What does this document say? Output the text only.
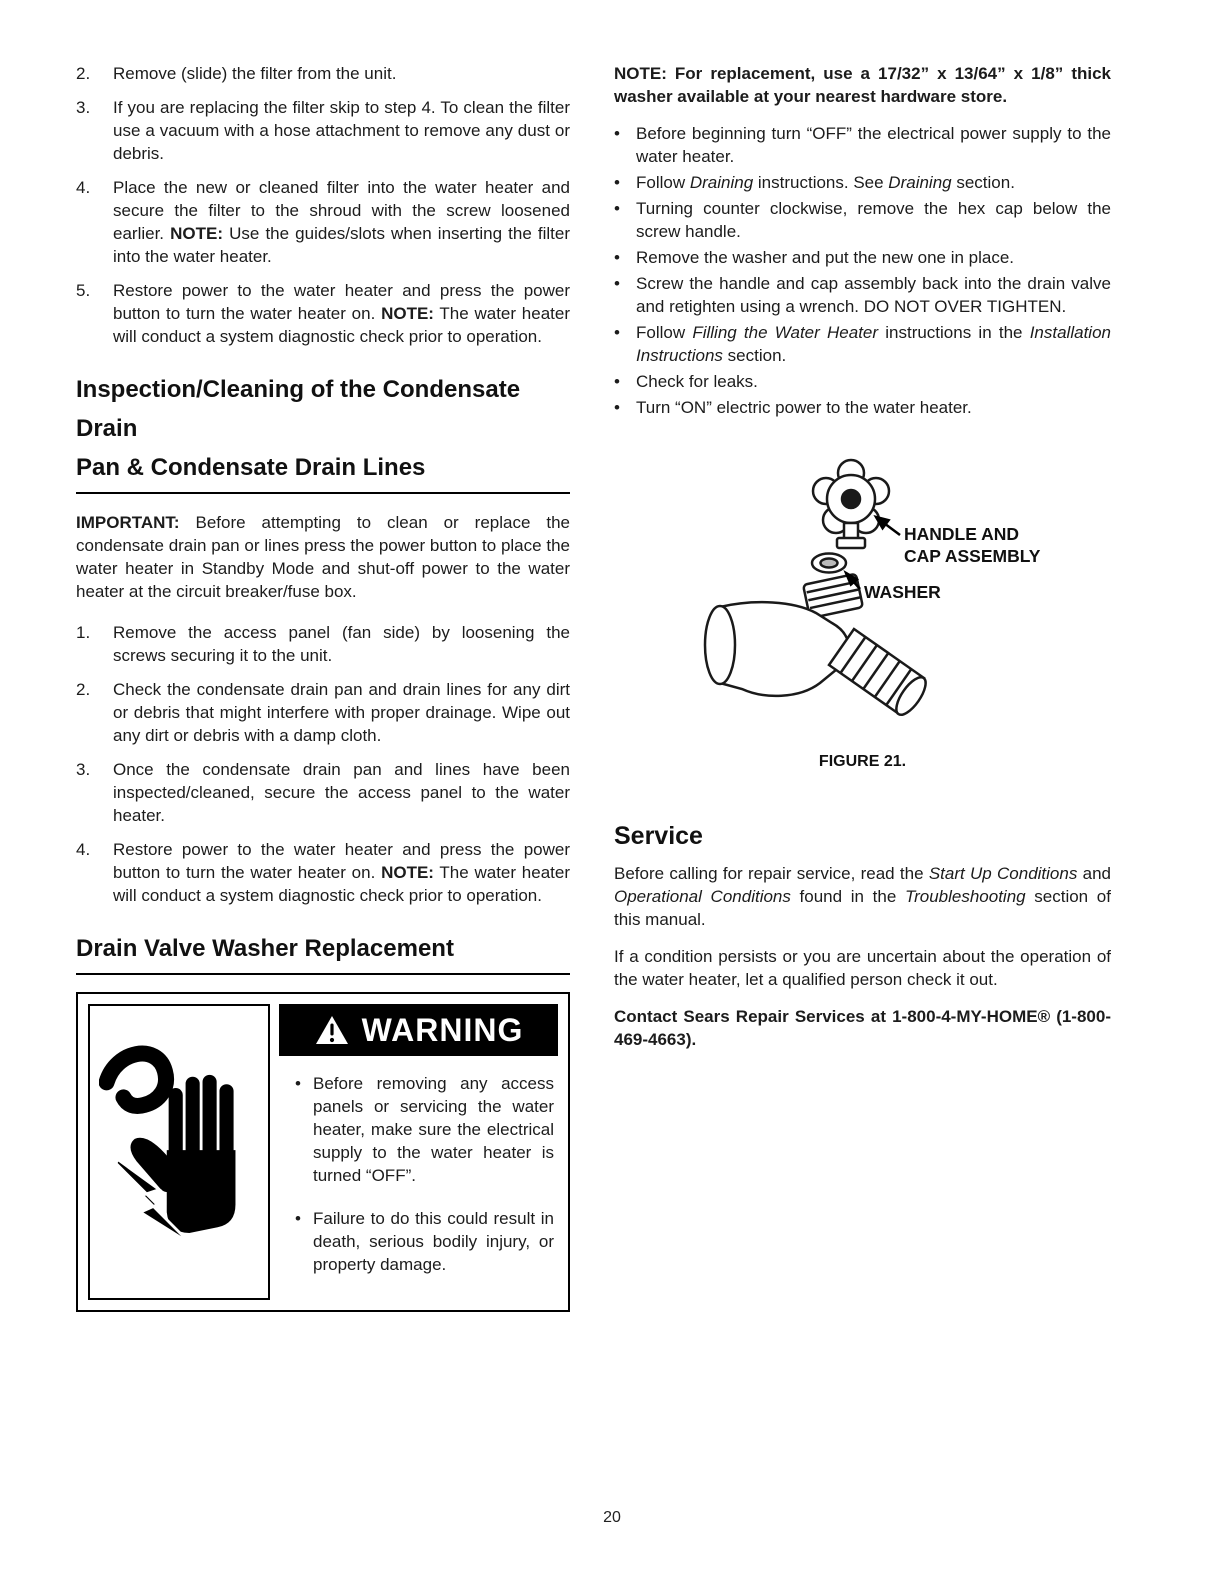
2.	Remove (slide) the filter from the unit.
3.	If you are replacing the filter skip to step 4. To clean the filter use a vacuum with a hose attachment to remove any dust or debris.
4.	Place the new or cleaned filter into the water heater and secure the filter to the shroud with the screw loosened earlier. NOTE: Use the guides/slots when inserting the filter into the water heater.
5.	Restore power to the water heater and press the power button to turn the water heater on. NOTE: The water heater will conduct a system diagnostic check prior to operation.
Inspection/Cleaning of the Condensate Drain
Pan & Condensate Drain Lines

IMPORTANT: Before attempting to clean or replace the condensate drain pan or lines press the power button to place the water heater in Standby Mode and shut-off power to the water heater at the circuit breaker/fuse box.

1.	Remove the access panel (fan side) by loosening the screws securing it to the unit.
2.	Check the condensate drain pan and drain lines for any dirt or debris that might interfere with proper drainage. Wipe out any dirt or debris with a damp cloth.
3.	Once the condensate drain pan and lines have been inspected/cleaned, secure the access panel to the water heater.
4.	Restore power to the water heater and press the power button to turn the water heater on. NOTE: The water heater will conduct a system diagnostic check prior to operation.
Drain Valve Washer Replacement
WARNING
• Before removing any access panels or servicing the water heater, make sure the electrical supply to the water heater is turned “OFF”.
• Failure to do this could result in death, serious bodily injury, or property damage.

NOTE: For replacement, use a 17/32” x 13/64” x 1/8” thick washer available at your nearest hardware store.

• Before beginning turn “OFF” the electrical power supply to the water heater.
• Follow Draining instructions. See Draining section.
• Turning counter clockwise, remove the hex cap below the screw handle.
• Remove the washer and put the new one in place.
• Screw the handle and cap assembly back into the drain valve and retighten using a wrench. DO NOT OVER TIGHTEN.
• Follow Filling the Water Heater instructions in the Installation Instructions section.
• Check for leaks.
• Turn “ON” electric power to the water heater.
HANDLE AND
CAP ASSEMBLY
WASHER
FIGURE 21.
Service

Before calling for repair service, read the Start Up Conditions and Operational Conditions found in the Troubleshooting section of this manual.

If a condition persists or you are uncertain about the operation of the water heater, let a qualified person check it out.

Contact Sears Repair Services at 1-800-4-MY-HOME® (1-800-469-4663).

20
